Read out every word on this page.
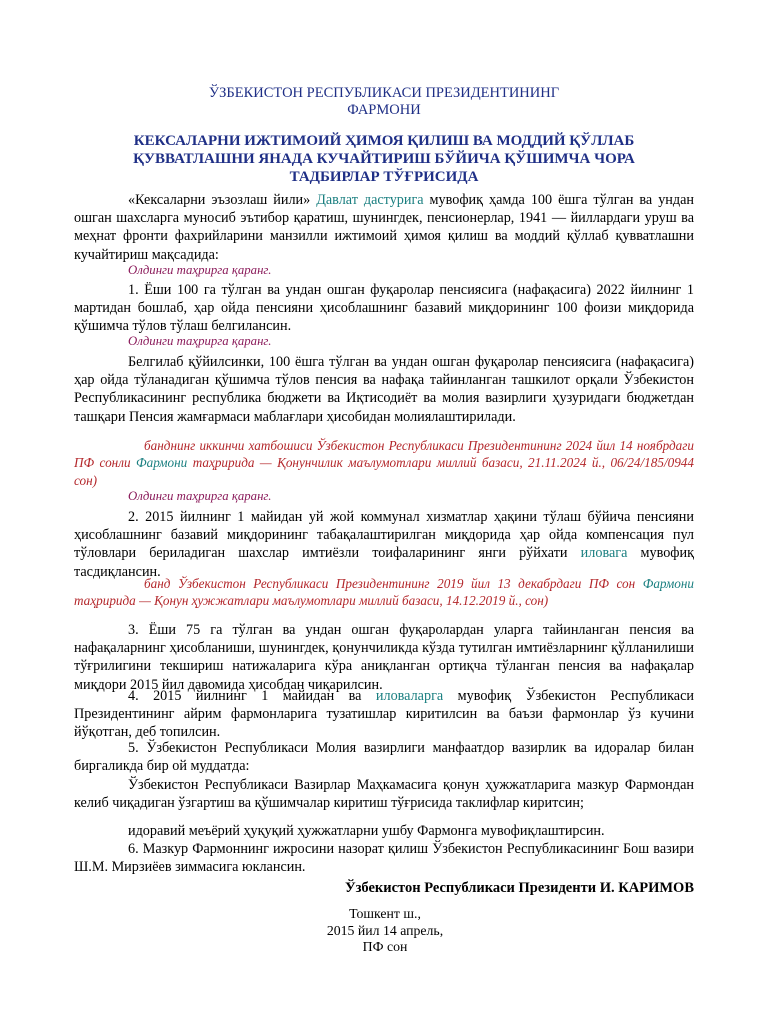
ЎЗБЕКИСТОН РЕСПУБЛИКАСИ ПРЕЗИДЕНТИНИНГ
ФАРМОНИ
КЕКСАЛАРНИ ИЖТИМОИЙ ҲИМОЯ ҚИЛИШ ВА МОДДИЙ ҚЎЛЛАБ
ҚУВВАТЛАШНИ ЯНАДА КУЧАЙТИРИШ БЎЙИЧА ҚЎШИМЧА ЧОРА
ТАДБИРЛАР ТЎҒРИСИДА

«Кексаларни эъзозлаш йили» Давлат дастурига мувофиқ ҳамда 100 ёшга тўлган ва ундан ошган шахсларга муносиб эътибор қаратиш, шунингдек, пенсионерлар, 1941 — йиллардаги уруш ва меҳнат фронти фахрийларини манзилли ижтимоий ҳимоя қилиш ва моддий қўллаб қувватлашни кучайтириш мақсадида:

Олдинги таҳрирга қаранг.

1. Ёши 100 га тўлган ва ундан ошган фуқаролар пенсиясига (нафақасига) 2022 йилнинг 1 мартидан бошлаб, ҳар ойда пенсияни ҳисоблашнинг базавий миқдорининг 100 фоизи миқдорида қўшимча тўлов тўлаш белгилансин.

Олдинги таҳрирга қаранг.

Белгилаб қўйилсинки, 100 ёшга тўлган ва ундан ошган фуқаролар пенсиясига (нафақасига) ҳар ойда тўланадиган қўшимча тўлов пенсия ва нафақа тайинланган ташкилот орқали Ўзбекистон Республикасининг республика бюджети ва Иқтисодиёт ва молия вазирлиги ҳузуридаги бюджетдан ташқари Пенсия жамғармаси маблағлари ҳисобидан молиялаштирилади.

банднинг иккинчи хатбошиси Ўзбекистон Республикаси Президентининг 2024 йил 14 ноябрдаги ПФ сонли Фармони таҳририда — Қонунчилик маълумотлари миллий базаси, 21.11.2024 й., 06/24/185/0944 сон)

Олдинги таҳрирга қаранг.

2. 2015 йилнинг 1 майидан уй жой коммунал хизматлар ҳақини тўлаш бўйича пенсияни ҳисоблашнинг базавий миқдорининг табақалаштирилган миқдорида ҳар ойда компенсация пул тўловлари бериладиган шахслар имтиёзли тоифаларининг янги рўйхати иловага мувофиқ тасдиқлансин.

банд Ўзбекистон Республикаси Президентининг 2019 йил 13 декабрдаги ПФ сон Фармони таҳририда — Қонун ҳужжатлари маълумотлари миллий базаси, 14.12.2019 й., сон)

3. Ёши 75 га тўлган ва ундан ошган фуқаролардан уларга тайинланган пенсия ва нафақаларнинг ҳисобланиши, шунингдек, қонунчиликда кўзда тутилган имтиёзларнинг қўлланилиши тўғрилигини текшириш натижаларига кўра аниқланган ортиқча тўланган пенсия ва нафақалар миқдори 2015 йил давомида ҳисобдан чиқарилсин.

4. 2015 йилнинг 1 майидан ва иловаларга мувофиқ Ўзбекистон Республикаси Президентининг айрим фармонларига тузатишлар киритилсин ва баъзи фармонлар ўз кучини йўқотган, деб топилсин.

5. Ўзбекистон Республикаси Молия вазирлиги манфаатдор вазирлик ва идоралар билан биргаликда бир ой муддатда:

Ўзбекистон Республикаси Вазирлар Маҳкамасига қонун ҳужжатларига мазкур Фармондан келиб чиқадиган ўзгартиш ва қўшимчалар киритиш тўғрисида таклифлар киритсин;

идоравий меъёрий ҳуқуқий ҳужжатларни ушбу Фармонга мувофиқлаштирсин.

6. Мазкур Фармоннинг ижросини назорат қилиш Ўзбекистон Республикасининг Бош вазири Ш.М. Мирзиёев зиммасига юклансин.

Ўзбекистон Республикаси Президенти И. КАРИМОВ
Тошкент ш.,
2015 йил 14 апрель,
ПФ сон
